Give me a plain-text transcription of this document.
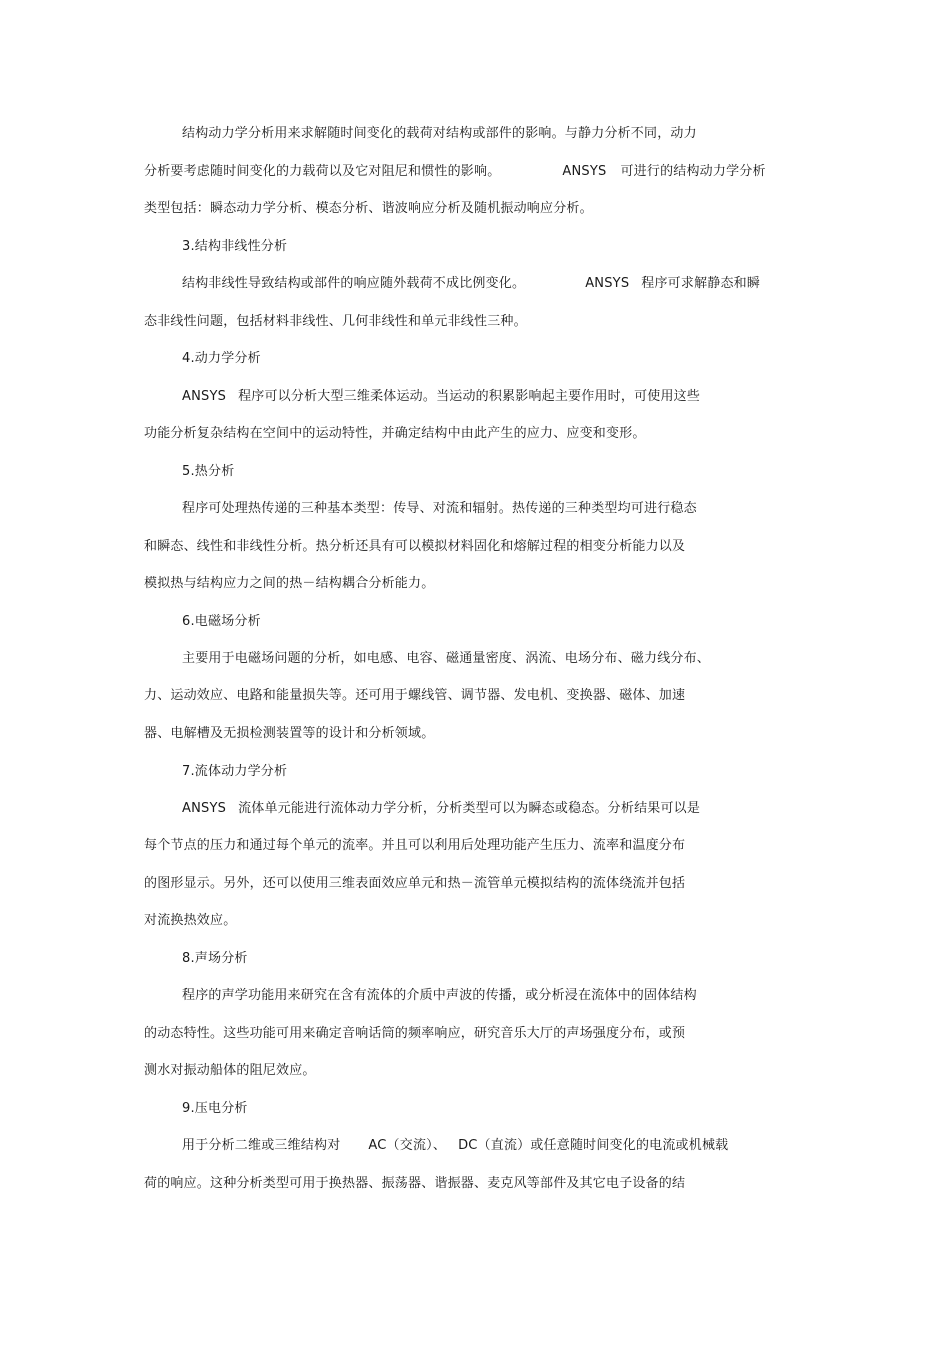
结构动力学分析用来求解随时间变化的载荷对结构或部件的影响。与静力分析不同，动力
分析要考虑随时间变化的力载荷以及它对阻尼和惯性的影响。	ANSYS 可进行的结构动力学分析
类型包括：瞬态动力学分析、模态分析、谐波响应分析及随机振动响应分析。
3.结构非线性分析
结构非线性导致结构或部件的响应随外载荷不成比例变化。	ANSYS 程序可求解静态和瞬
态非线性问题，包括材料非线性、几何非线性和单元非线性三种。
4.动力学分析
ANSYS 程序可以分析大型三维柔体运动。当运动的积累影响起主要作用时，可使用这些
功能分析复杂结构在空间中的运动特性，并确定结构中由此产生的应力、应变和变形。
5.热分析
程序可处理热传递的三种基本类型：传导、对流和辐射。热传递的三种类型均可进行稳态
和瞬态、线性和非线性分析。热分析还具有可以模拟材料固化和熔解过程的相变分析能力以及
模拟热与结构应力之间的热－结构耦合分析能力。
6.电磁场分析
主要用于电磁场问题的分析，如电感、电容、磁通量密度、涡流、电场分布、磁力线分布、
力、运动效应、电路和能量损失等。还可用于螺线管、调节器、发电机、变换器、磁体、加速
器、电解槽及无损检测装置等的设计和分析领域。
7.流体动力学分析
ANSYS 流体单元能进行流体动力学分析，分析类型可以为瞬态或稳态。分析结果可以是
每个节点的压力和通过每个单元的流率。并且可以利用后处理功能产生压力、流率和温度分布
的图形显示。另外，还可以使用三维表面效应单元和热－流管单元模拟结构的流体绕流并包括
对流换热效应。
8.声场分析
程序的声学功能用来研究在含有流体的介质中声波的传播，或分析浸在流体中的固体结构
的动态特性。这些功能可用来确定音响话筒的频率响应，研究音乐大厅的声场强度分布，或预
测水对振动船体的阻尼效应。
9.压电分析
用于分析二维或三维结构对 AC（交流）、 DC（直流）或任意随时间变化的电流或机械载
荷的响应。这种分析类型可用于换热器、振荡器、谐振器、麦克风等部件及其它电子设备的结
